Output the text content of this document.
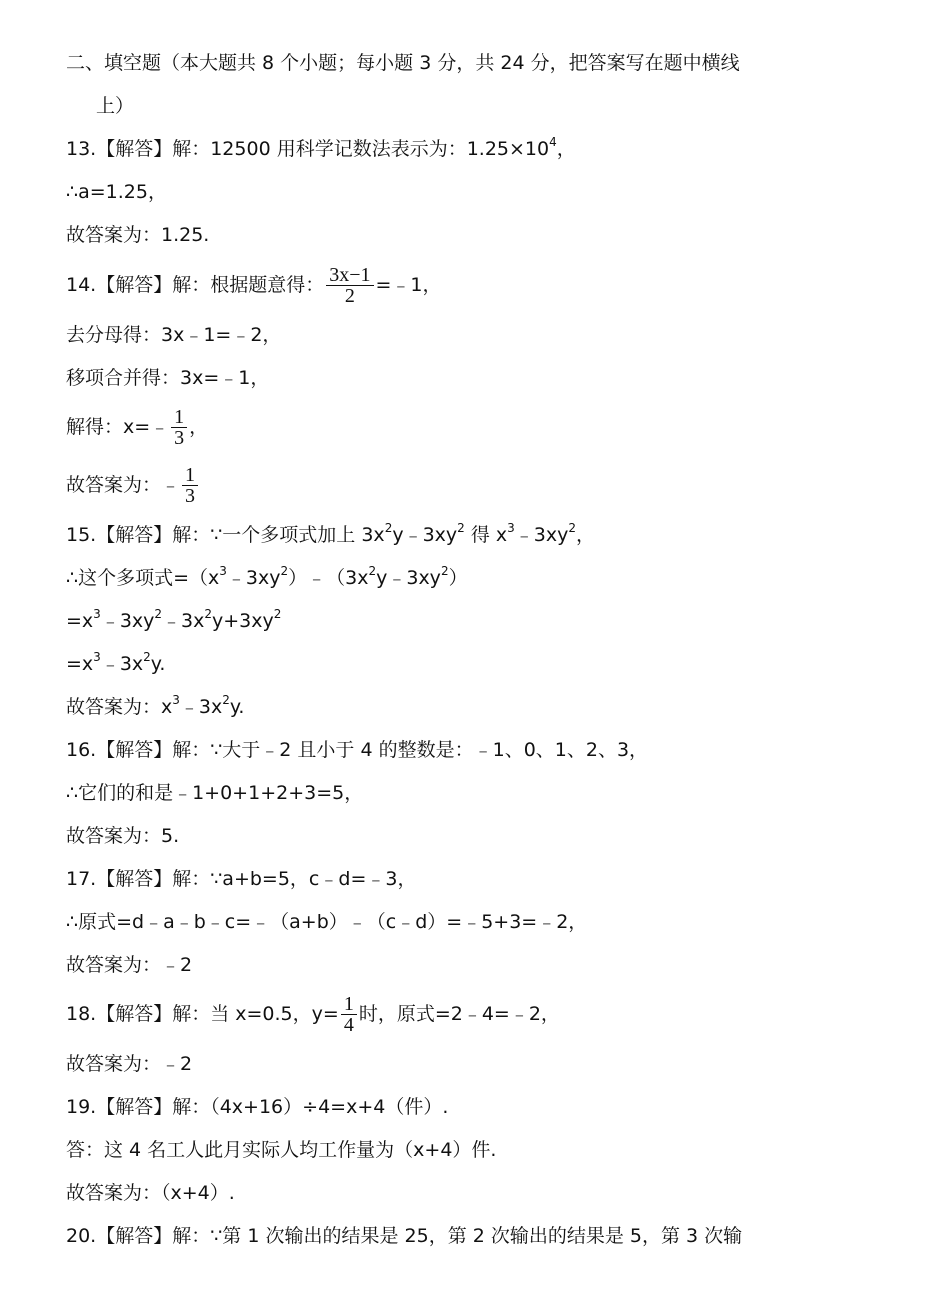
二、填空题（本大题共 8 个小题；每小题 3 分，共 24 分，把答案写在题中横线
上）
13.【解答】解：12500 用科学记数法表示为：$1.25\times 10^4$，
∴a=1.25，
故答案为：1.25.
14.【解答】解：根据题意得： $\frac{3x-1}{2}$ =﹣1，
去分母得：3x﹣1=﹣2，
移项合并得：3x=﹣1，
解得：x=﹣ $\frac{1}{3}$ ，
故答案为：﹣ $\frac{1}{3}$
15.【解答】解：∵一个多项式加上 $3x^2y﹣3xy^2$ 得 $x^3﹣3xy^2$，
∴这个多项式$=(x^3﹣3xy^2)﹣(3x^2y﹣3xy^2)$
$=x^3﹣3xy^2﹣3x^2y+3xy^2$
$=x^3﹣3x^2y$.
故答案为：$x^3﹣3x^2y$.
16.【解答】解：∵大于﹣2 且小于 4 的整数是：﹣1、0、1、2、3，
∴它们的和是﹣1+0+1+2+3=5，
故答案为：5.
17.【解答】解：∵a+b=5，c﹣d=﹣3，
∴原式=d﹣a﹣b﹣c=﹣（a+b）﹣（c﹣d）=﹣5+3=﹣2，
故答案为：﹣2
18.【解答】解：当 x=0.5，$y= \frac{1}{4}$ 时，原式=2﹣4=﹣2，
故答案为：﹣2
19.【解答】解：（4x+16）÷4=x+4（件）.
答：这 4 名工人此月实际人均工作量为（x+4）件.
故答案为：（x+4）.
20.【解答】解：∵第 1 次输出的结果是 25，第 2 次输出的结果是 5，第 3 次输
